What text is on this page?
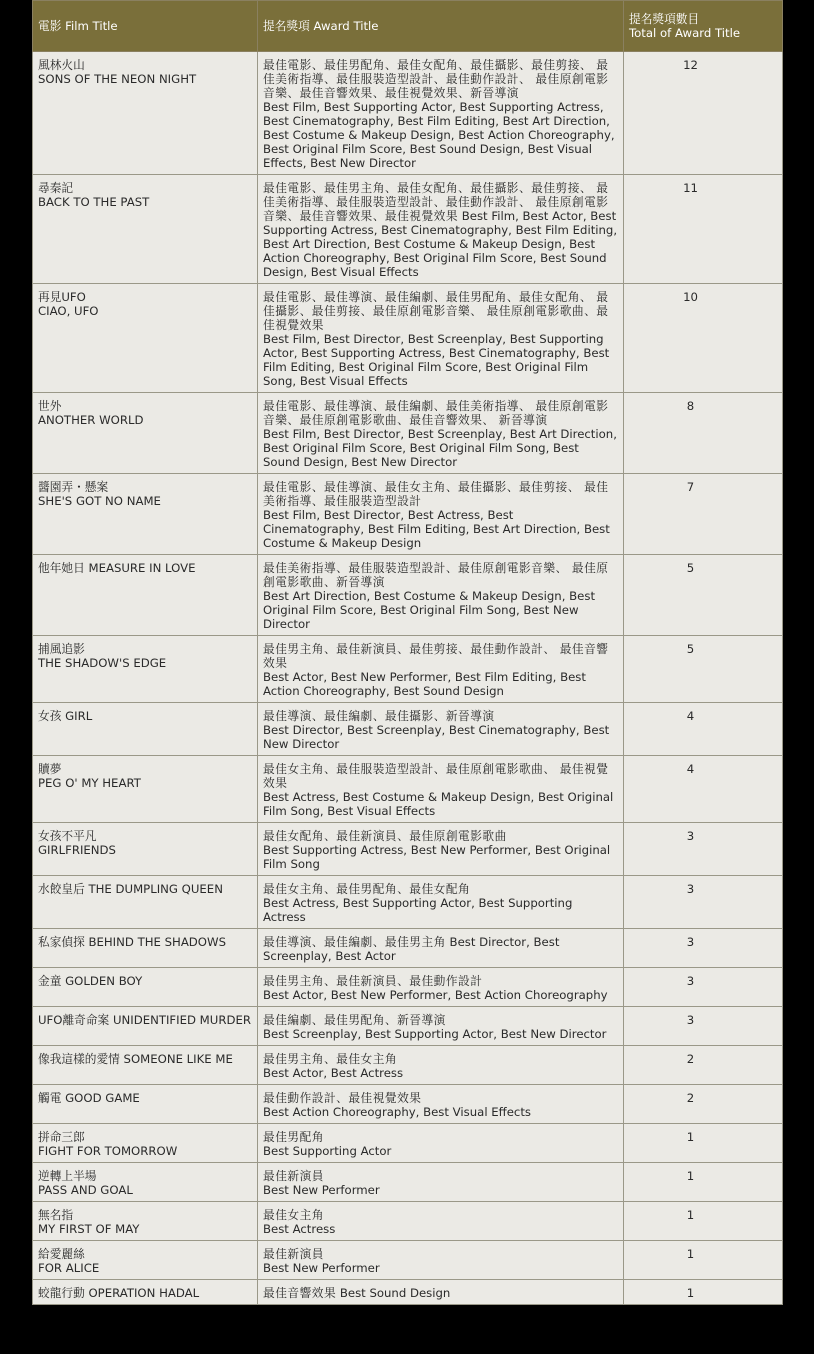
電影 Film Title	提名獎項 Award Title	提名獎項數目
Total of Award Title

風林火山
SONS OF THE NEON NIGHT	最佳電影、最佳男配角、最佳女配角、最佳攝影、最佳剪接、 最佳美術指導、最佳服裝造型設計、最佳動作設計、 最佳原創電影音樂、最佳音響效果、最佳視覺效果、新晉導演
Best Film, Best Supporting Actor, Best Supporting Actress, Best Cinematography, Best Film Editing, Best Art Direction, Best Costume & Makeup Design, Best Action Choreography, Best Original Film Score, Best Sound Design, Best Visual Effects, Best New Director	12

尋秦記
BACK TO THE PAST	最佳電影、最佳男主角、最佳女配角、最佳攝影、最佳剪接、 最佳美術指導、最佳服裝造型設計、最佳動作設計、 最佳原創電影音樂、最佳音響效果、最佳視覺效果 Best Film, Best Actor, Best Supporting Actress, Best Cinematography, Best Film Editing, Best Art Direction, Best Costume & Makeup Design, Best Action Choreography, Best Original Film Score, Best Sound Design, Best Visual Effects	11

再見UFO
CIAO, UFO	最佳電影、最佳導演、最佳編劇、最佳男配角、最佳女配角、 最佳攝影、最佳剪接、最佳原創電影音樂、 最佳原創電影歌曲、最佳視覺效果
Best Film, Best Director, Best Screenplay, Best Supporting Actor, Best Supporting Actress, Best Cinematography, Best Film Editing, Best Original Film Score, Best Original Film Song, Best Visual Effects	10

世外
ANOTHER WORLD	最佳電影、最佳導演、最佳編劇、最佳美術指導、 最佳原創電影音樂、最佳原創電影歌曲、最佳音響效果、 新晉導演
Best Film, Best Director, Best Screenplay, Best Art Direction, Best Original Film Score, Best Original Film Song, Best Sound Design, Best New Director	8

醬園弄・懸案
SHE'S GOT NO NAME	最佳電影、最佳導演、最佳女主角、最佳攝影、最佳剪接、 最佳美術指導、最佳服裝造型設計
Best Film, Best Director, Best Actress, Best Cinematography, Best Film Editing, Best Art Direction, Best Costume & Makeup Design	7
他年她日 MEASURE IN LOVE	最佳美術指導、最佳服裝造型設計、最佳原創電影音樂、 最佳原創電影歌曲、新晉導演
Best Art Direction, Best Costume & Makeup Design, Best Original Film Score, Best Original Film Song, Best New Director	5

捕風追影
THE SHADOW'S EDGE	最佳男主角、最佳新演員、最佳剪接、最佳動作設計、 最佳音響效果
Best Actor, Best New Performer, Best Film Editing, Best Action Choreography, Best Sound Design	5
女孩 GIRL	最佳導演、最佳編劇、最佳攝影、新晉導演
Best Director, Best Screenplay, Best Cinematography, Best New Director	4

贖夢
PEG O' MY HEART	最佳女主角、最佳服裝造型設計、最佳原創電影歌曲、 最佳視覺效果
Best Actress, Best Costume & Makeup Design, Best Original Film Song, Best Visual Effects	4

女孩不平凡
GIRLFRIENDS	最佳女配角、最佳新演員、最佳原創電影歌曲
Best Supporting Actress, Best New Performer, Best Original Film Song	3
水餃皇后 THE DUMPLING QUEEN	最佳女主角、最佳男配角、最佳女配角
Best Actress, Best Supporting Actor, Best Supporting Actress	3
私家偵探 BEHIND THE SHADOWS	最佳導演、最佳編劇、最佳男主角 Best Director, Best Screenplay, Best Actor	3
金童 GOLDEN BOY	最佳男主角、最佳新演員、最佳動作設計
Best Actor, Best New Performer, Best Action Choreography	3
UFO離奇命案 UNIDENTIFIED MURDER	最佳編劇、最佳男配角、新晉導演
Best Screenplay, Best Supporting Actor, Best New Director	3
像我這樣的愛情 SOMEONE LIKE ME	最佳男主角、最佳女主角
Best Actor, Best Actress	2
觸電 GOOD GAME	最佳動作設計、最佳視覺效果
Best Action Choreography, Best Visual Effects	2

拼命三郎
FIGHT FOR TOMORROW	最佳男配角
Best Supporting Actor	1

逆轉上半場
PASS AND GOAL	最佳新演員
Best New Performer	1

無名指
MY FIRST OF MAY	最佳女主角
Best Actress	1

給愛麗絲
FOR ALICE	最佳新演員
Best New Performer	1
蛟龍行動 OPERATION HADAL	最佳音響效果 Best Sound Design	1
